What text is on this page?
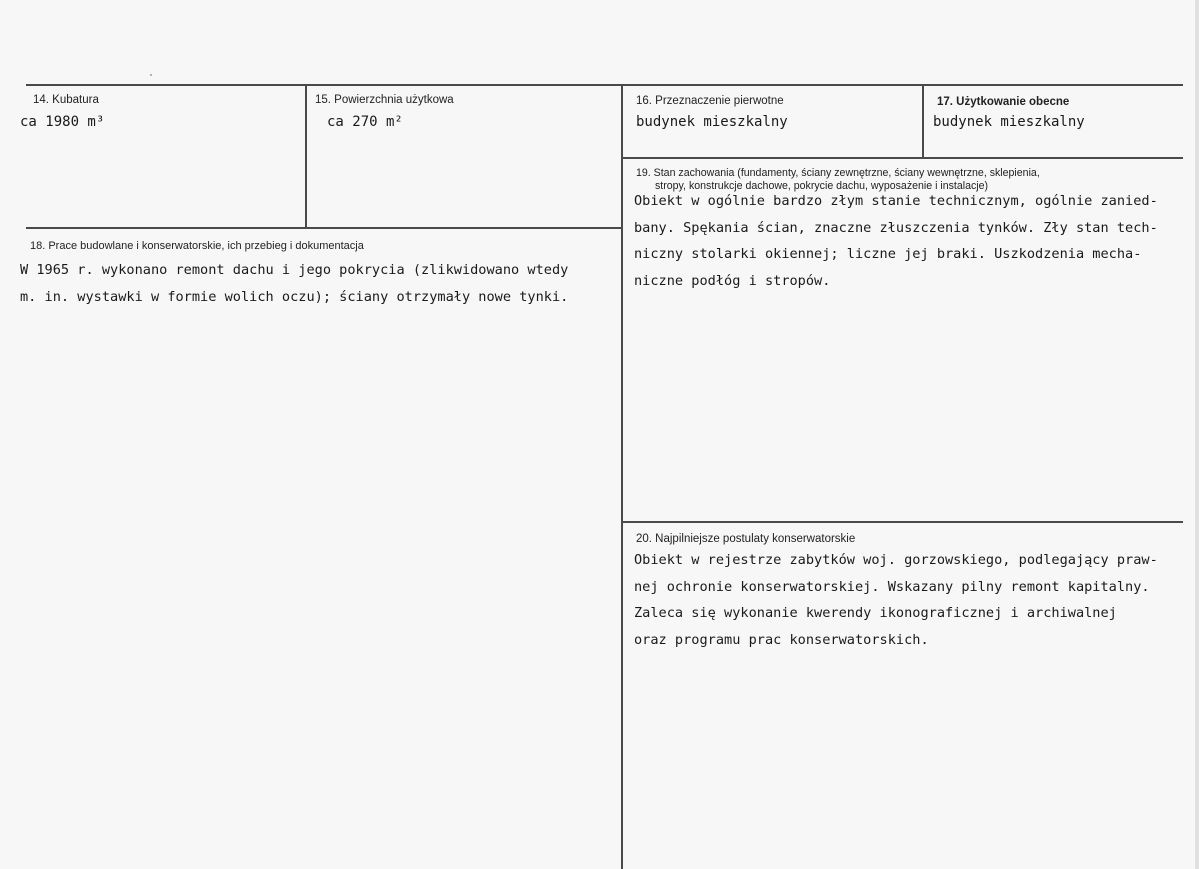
14. Kubatura
ca 1980 m³
15. Powierzchnia użytkowa
ca 270 m²
16. Przeznaczenie pierwotne
budynek mieszkalny
17. Użytkowanie obecne
budynek mieszkalny
19. Stan zachowania (fundamenty, ściany zewnętrzne, ściany wewnętrzne, sklepienia,
stropy, konstrukcje dachowe, pokrycie dachu, wyposażenie i instalacje)
Obiekt w ogólnie bardzo złym stanie technicznym, ogólnie zanied-
bany. Spękania ścian, znaczne złuszczenia tynków. Zły stan tech-
niczny stolarki okiennej; liczne jej braki. Uszkodzenia mecha-
niczne podłóg i stropów.
18. Prace budowlane i konserwatorskie, ich przebieg i dokumentacja
W 1965 r. wykonano remont dachu i jego pokrycia (zlikwidowano wtedy
m. in. wystawki w formie wolich oczu); ściany otrzymały nowe tynki.
20. Najpilniejsze postulaty konserwatorskie
Obiekt w rejestrze zabytków woj. gorzowskiego, podlegający praw-
nej ochronie konserwatorskiej. Wskazany pilny remont kapitalny.
Zaleca się wykonanie kwerendy ikonograficznej i archiwalnej
oraz programu prac konserwatorskich.
